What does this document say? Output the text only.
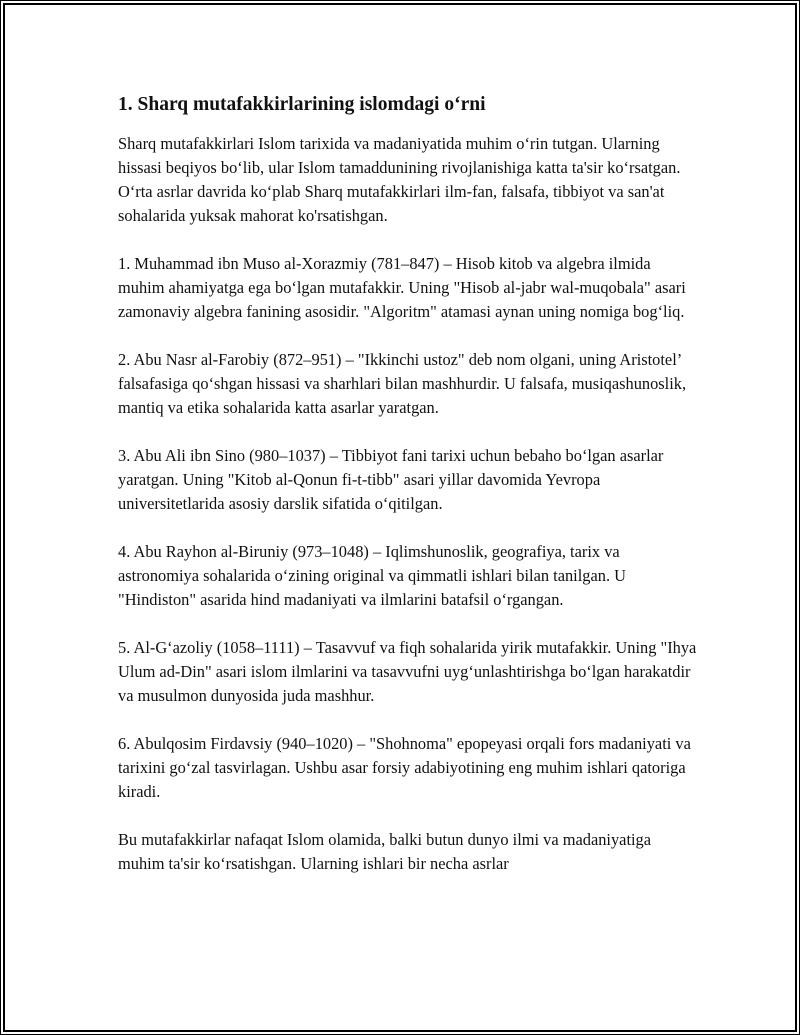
1. Sharq mutafakkirlarining islomdagi o‘rni

Sharq mutafakkirlari Islom tarixida va madaniyatida muhim o‘rin tutgan. Ularning hissasi beqiyos bo‘lib, ular Islom tamaddunining rivojlanishiga katta ta'sir ko‘rsatgan. O‘rta asrlar davrida ko‘plab Sharq mutafakkirlari ilm-fan, falsafa, tibbiyot va san'at sohalarida yuksak mahorat ko'rsatishgan.

1. Muhammad ibn Muso al-Xorazmiy (781–847) – Hisob kitob va algebra ilmida muhim ahamiyatga ega bo‘lgan mutafakkir. Uning "Hisob al-jabr wal-muqobala" asari zamonaviy algebra fanining asosidir. "Algoritm" atamasi aynan uning nomiga bog‘liq.

2. Abu Nasr al-Farobiy (872–951) – "Ikkinchi ustoz" deb nom olgani, uning Aristotel’ falsafasiga qo‘shgan hissasi va sharhlari bilan mashhurdir. U falsafa, musiqashunoslik, mantiq va etika sohalarida katta asarlar yaratgan.

3. Abu Ali ibn Sino (980–1037) – Tibbiyot fani tarixi uchun bebaho bo‘lgan asarlar yaratgan. Uning "Kitob al-Qonun fi-t-tibb" asari yillar davomida Yevropa universitetlarida asosiy darslik sifatida o‘qitilgan.

4. Abu Rayhon al-Biruniy (973–1048) – Iqlimshunoslik, geografiya, tarix va astronomiya sohalarida o‘zining original va qimmatli ishlari bilan tanilgan. U "Hindiston" asarida hind madaniyati va ilmlarini batafsil o‘rgangan.

5. Al-G‘azoliy (1058–1111) – Tasavvuf va fiqh sohalarida yirik mutafakkir. Uning "Ihya Ulum ad-Din" asari islom ilmlarini va tasavvufni uyg‘unlashtirishga bo‘lgan harakatdir va musulmon dunyosida juda mashhur.

6. Abulqosim Firdavsiy (940–1020) – "Shohnoma" epopeyasi orqali fors madaniyati va tarixini go‘zal tasvirlagan. Ushbu asar forsiy adabiyotining eng muhim ishlari qatoriga kiradi.

Bu mutafakkirlar nafaqat Islom olamida, balki butun dunyo ilmi va madaniyatiga muhim ta'sir ko‘rsatishgan. Ularning ishlari bir necha asrlar
